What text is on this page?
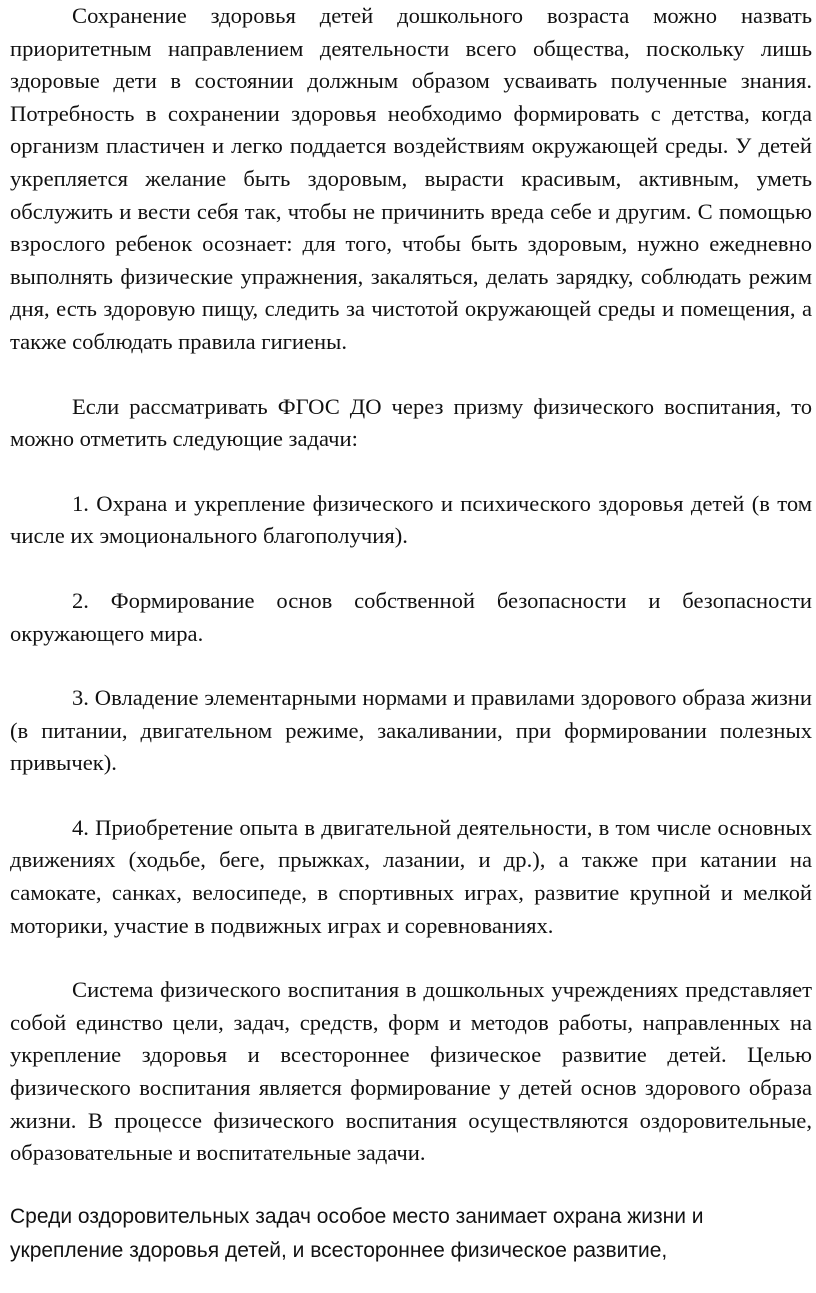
Сохранение здоровья детей дошкольного возраста можно назвать приоритетным направлением деятельности всего общества, поскольку лишь здоровые дети в состоянии должным образом усваивать полученные знания. Потребность в сохранении здоровья необходимо формировать с детства, когда организм пластичен и легко поддается воздействиям окружающей среды. У детей укрепляется желание быть здоровым, вырасти красивым, активным, уметь обслужить и вести себя так, чтобы не причинить вреда себе и другим. С помощью взрослого ребенок осознает: для того, чтобы быть здоровым, нужно ежедневно выполнять физические упражнения, закаляться, делать зарядку, соблюдать режим дня, есть здоровую пищу, следить за чистотой окружающей среды и помещения, а также соблюдать правила гигиены.

Если рассматривать ФГОС ДО через призму физического воспитания, то можно отметить следующие задачи:

1. Охрана и укрепление физического и психического здоровья детей (в том числе их эмоционального благополучия).

2. Формирование основ собственной безопасности и безопасности окружающего мира.

3. Овладение элементарными нормами и правилами здорового образа жизни (в питании, двигательном режиме, закаливании, при формировании полезных привычек).

4. Приобретение опыта в двигательной деятельности, в том числе основных движениях (ходьбе, беге, прыжках, лазании, и др.), а также при катании на самокате, санках, велосипеде, в спортивных играх, развитие крупной и мелкой моторики, участие в подвижных играх и соревнованиях.

Система физического воспитания в дошкольных учреждениях представляет собой единство цели, задач, средств, форм и методов работы, направленных на укрепление здоровья и всестороннее физическое развитие детей. Целью физического воспитания является формирование у детей основ здорового образа жизни. В процессе физического воспитания осуществляются оздоровительные, образовательные и воспитательные задачи.

Среди оздоровительных задач особое место занимает охрана жизни и

укрепление здоровья детей, и всестороннее физическое развитие,
